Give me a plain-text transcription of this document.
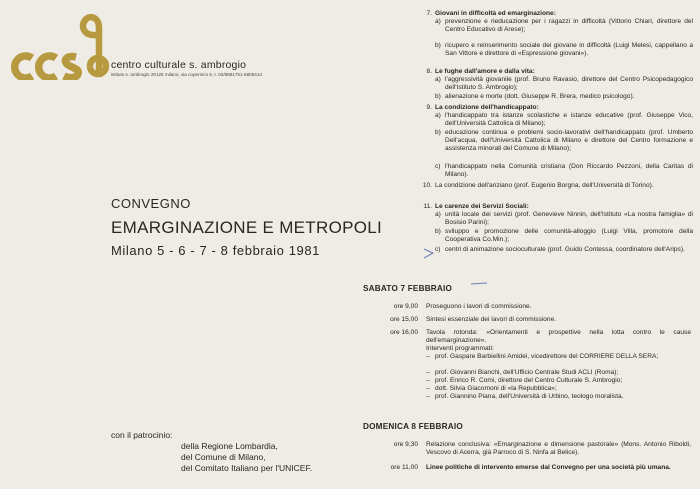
centro culturale s. ambrogio
istituto s. ambrogio 20126 milano, via copernico 9, t. 02/6881751-6808414
CONVEGNO
EMARGINAZIONE E METROPOLI
Milano 5 - 6 - 7 - 8 febbraio 1981
con il patrocinio:
della Regione Lombardia,
del Comune di Milano,
del Comitato Italiano per l'UNICEF.
7. Giovani in difficoltà ed emarginazione:
a) prevenzione e rieducazione per i ragazzi in difficoltà (Vittorio Chiari, direttore del Centro Educativo di Arese);
b) ricupero e reinserimento sociale dei giovane in difficoltà (Luigi Melesi, cappellano a San Vittore e direttore di «Espressione giovani»).
8. Le fughe dall'amore e dalla vita:
a) l'aggressività giovanile (prof. Bruno Ravasio, direttore del Centro Psicopedagogico dell'Istituto S. Ambrogio);
b) alienazione e morte (dott. Giuseppe R. Brera, medico psicologo).
9. La condizione dell'handicappato:
a) l'handicappato tra istanze scolastiche e istanze educative (prof. Giuseppe Vico, dell'Università Cattolica di Milano);
b) educazione continua e problemi socio-lavorativi dell'handicappato (prof. Umberto Dell'acqua, dell'Università Cattolica di Milano e direttore del Centro formazione e assistenza minorati del Comune di Milano);
c) l'handicappato nella Comunità cristiana (Don Riccardo Pezzoni, della Caritas di Milano).
10. La condizione dell'anziano (prof. Eugenio Borgna, dell'Università di Torino).
11. Le carenze dei Servizi Sociali:
a) unità locale dei servizi (prof. Genevieve Ninnin, dell'Istituto «La nostra famiglia» di Bosisio Parini);
b) sviluppo e promozione delle comunità-alloggio (Luigi Villa, promotore della Cooperativa Co.Min.);
c) centri di animazione socioculturale (prof. Guido Contessa, coordinatore dell'Arips).
SABATO 7 FEBBRAIO
ore 9,00 Proseguono i lavori di commissione.
ore 15,00 Sintesi essenziale dei lavori di commissione.
ore 16,00 Tavola rotonda: «Orientamenti e prospettive nella lotta contro le cause dell'emarginazione».
Interventi programmati:
– prof. Gaspare Barbiellini Amidei, vicedirettore del CORRIERE DELLA SERA;
– prof. Giovanni Bianchi, dell'Ufficio Centrale Studi ACLI (Roma);
– prof. Enrico R. Comi, direttore del Centro Culturale S. Ambrogio;
– dott. Silvia Giacomoni di «la Repubblica»;
– prof. Giannino Piana, dell'Università di Urbino, teologo moralista.
DOMENICA 8 FEBBRAIO
ore 9,30 Relazione conclusiva: «Emarginazione e dimensione pastorale» (Mons. Antonio Riboldi, Vescovo di Acerra, già Parroco di S. Ninfa al Belice).
ore 11,00 Linee politiche di intervento emerse dal Convegno per una società più umana.
